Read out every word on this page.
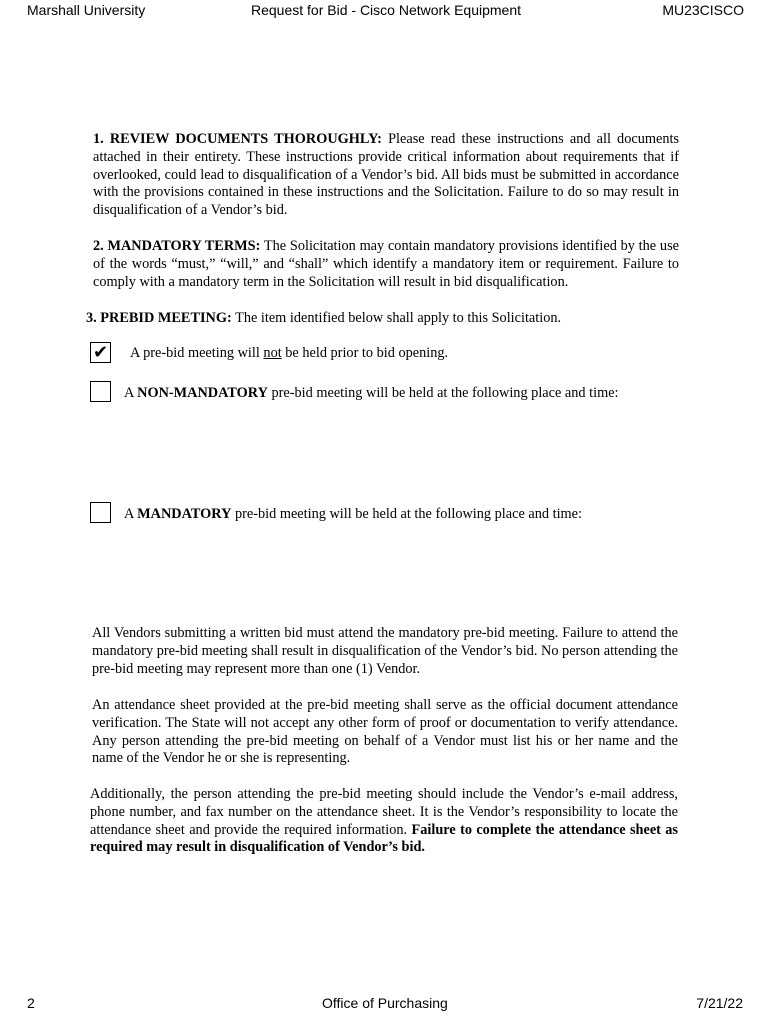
Marshall University	Request for Bid - Cisco Network Equipment	MU23CISCO
1. REVIEW DOCUMENTS THOROUGHLY: Please read these instructions and all documents attached in their entirety. These instructions provide critical information about requirements that if overlooked, could lead to disqualification of a Vendor’s bid. All bids must be submitted in accordance with the provisions contained in these instructions and the Solicitation. Failure to do so may result in disqualification of a Vendor’s bid.
2. MANDATORY TERMS: The Solicitation may contain mandatory provisions identified by the use of the words “must,” “will,” and “shall” which identify a mandatory item or requirement. Failure to comply with a mandatory term in the Solicitation will result in bid disqualification.
3. PREBID MEETING: The item identified below shall apply to this Solicitation.
✔ A pre-bid meeting will not be held prior to bid opening.
A NON-MANDATORY pre-bid meeting will be held at the following place and time:
A MANDATORY pre-bid meeting will be held at the following place and time:
All Vendors submitting a written bid must attend the mandatory pre-bid meeting. Failure to attend the mandatory pre-bid meeting shall result in disqualification of the Vendor’s bid. No person attending the pre-bid meeting may represent more than one (1) Vendor.
An attendance sheet provided at the pre-bid meeting shall serve as the official document attendance verification. The State will not accept any other form of proof or documentation to verify attendance. Any person attending the pre-bid meeting on behalf of a Vendor must list his or her name and the name of the Vendor he or she is representing.
Additionally, the person attending the pre-bid meeting should include the Vendor’s e-mail address, phone number, and fax number on the attendance sheet. It is the Vendor’s responsibility to locate the attendance sheet and provide the required information. Failure to complete the attendance sheet as required may result in disqualification of Vendor’s bid.
2	Office of Purchasing	7/21/22
